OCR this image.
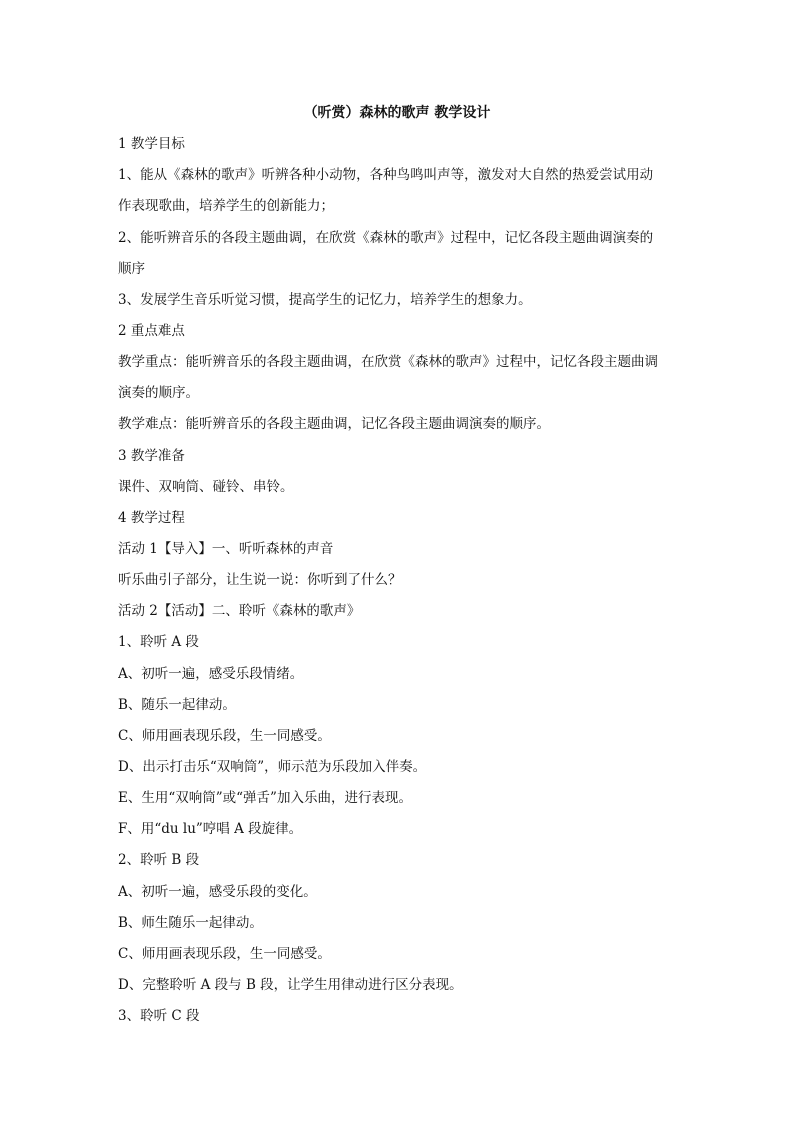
（听赏）森林的歌声 教学设计
1 教学目标
1、能从《森林的歌声》听辨各种小动物，各种鸟鸣叫声等，激发对大自然的热爱尝试用动
作表现歌曲，培养学生的创新能力；
2、能听辨音乐的各段主题曲调，在欣赏《森林的歌声》过程中，记忆各段主题曲调演奏的
顺序
3、发展学生音乐听觉习惯，提高学生的记忆力，培养学生的想象力。
2 重点难点
教学重点：能听辨音乐的各段主题曲调，在欣赏《森林的歌声》过程中，记忆各段主题曲调
演奏的顺序。
教学难点：能听辨音乐的各段主题曲调，记忆各段主题曲调演奏的顺序。
3 教学准备
课件、双响筒、碰铃、串铃。
4 教学过程
活动 1【导入】一、听听森林的声音
听乐曲引子部分，让生说一说：你听到了什么？
活动 2【活动】二、聆听《森林的歌声》
1、聆听 A 段
A、初听一遍，感受乐段情绪。
B、随乐一起律动。
C、师用画表现乐段，生一同感受。
D、出示打击乐“双响筒”，师示范为乐段加入伴奏。
E、生用“双响筒”或“弹舌”加入乐曲，进行表现。
F、用“du lu”哼唱 A 段旋律。
2、聆听 B 段
A、初听一遍，感受乐段的变化。
B、师生随乐一起律动。
C、师用画表现乐段，生一同感受。
D、完整聆听 A 段与 B 段，让学生用律动进行区分表现。
3、聆听 C 段
